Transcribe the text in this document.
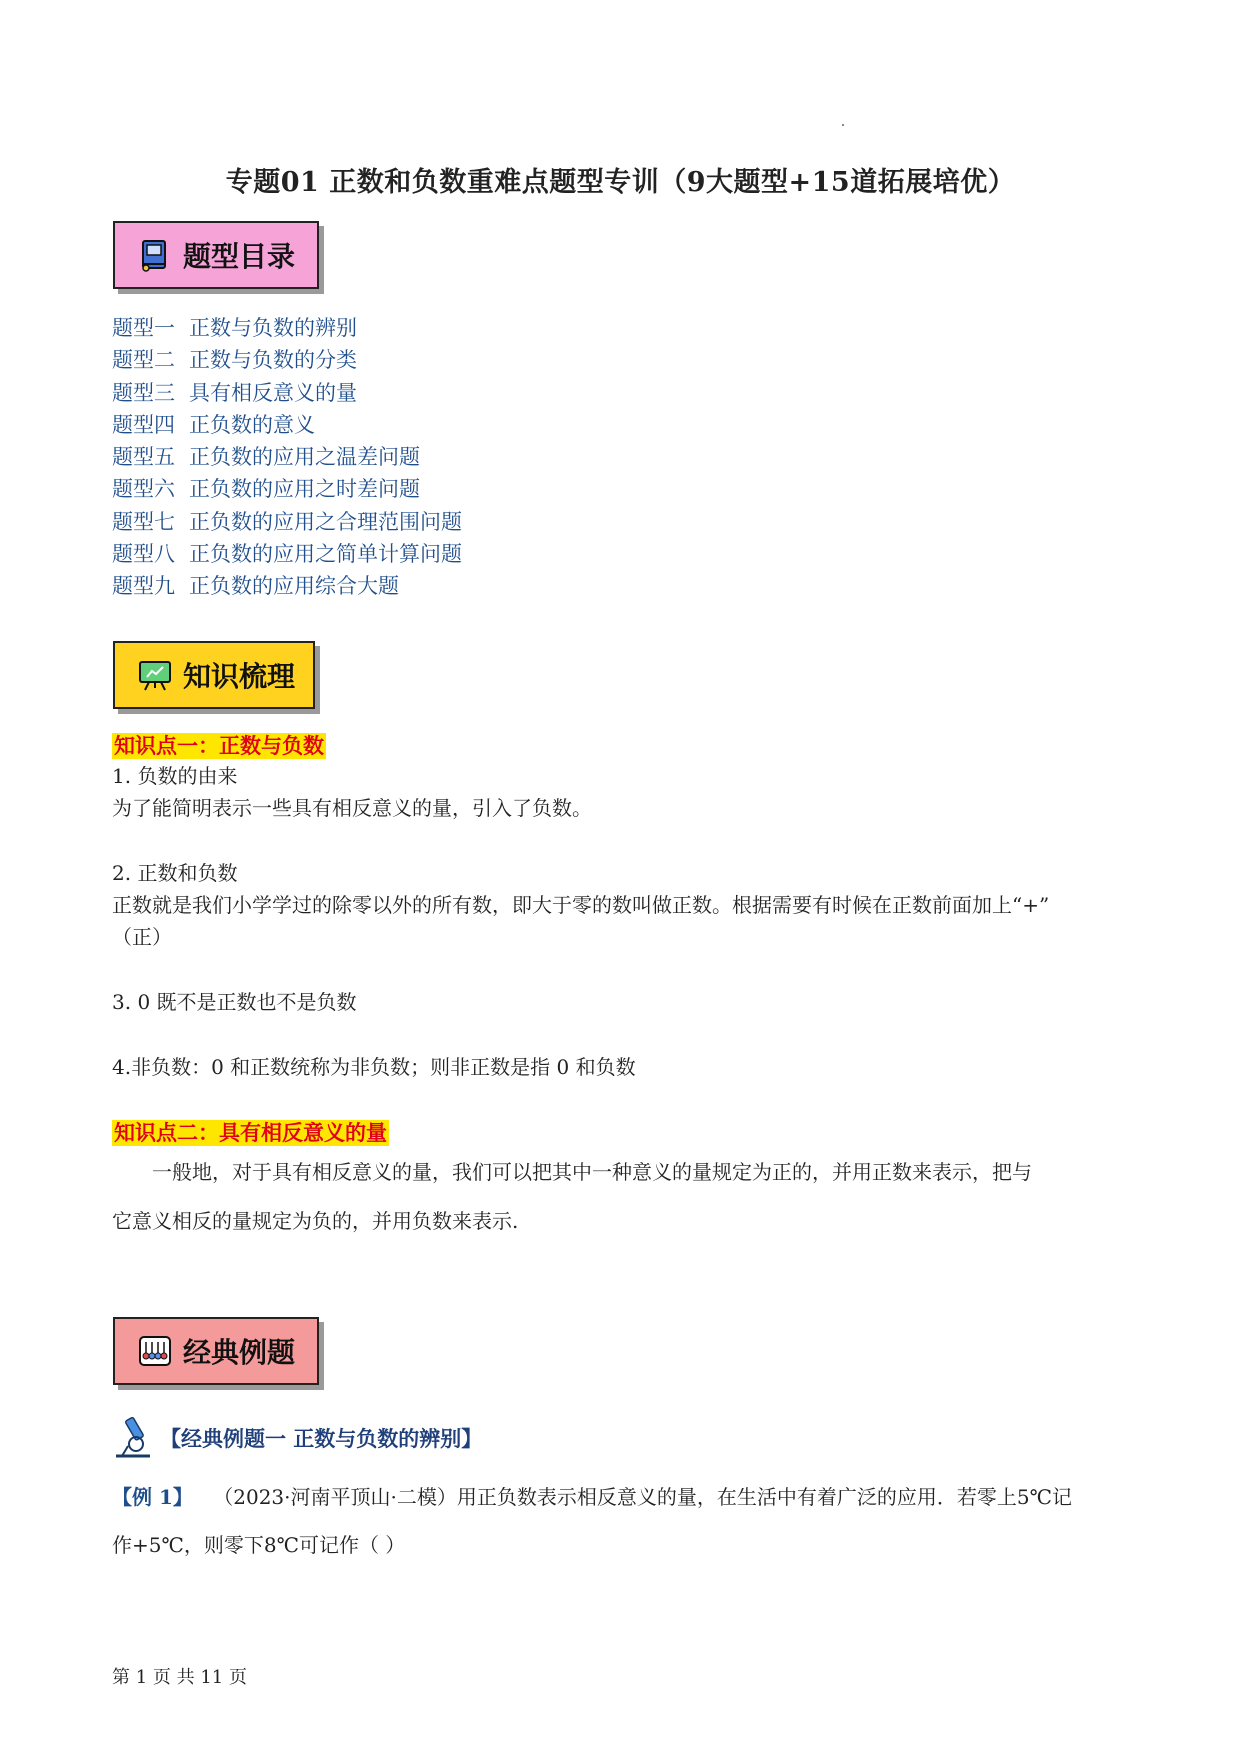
专题01 正数和负数重难点题型专训（9大题型+15道拓展培优）
题型目录
题型一 正数与负数的辨别
题型二 正数与负数的分类
题型三 具有相反意义的量
题型四 正负数的意义
题型五 正负数的应用之温差问题
题型六 正负数的应用之时差问题
题型七 正负数的应用之合理范围问题
题型八 正负数的应用之简单计算问题
题型九 正负数的应用综合大题
知识梳理
知识点一：正数与负数
1. 负数的由来
为了能简明表示一些具有相反意义的量，引入了负数。
2. 正数和负数
正数就是我们小学学过的除零以外的所有数，即大于零的数叫做正数。根据需要有时候在正数前面加上“+”
（正）
3. 0 既不是正数也不是负数
4.非负数：0 和正数统称为非负数；则非正数是指 0 和负数
知识点二：具有相反意义的量
一般地，对于具有相反意义的量，我们可以把其中一种意义的量规定为正的，并用正数来表示，把与
它意义相反的量规定为负的，并用负数来表示.
经典例题
【经典例题一 正数与负数的辨别】
【例 1】 （2023·河南平顶山·二模）用正负数表示相反意义的量，在生活中有着广泛的应用．若零上5℃记
作+5℃，则零下8℃可记作（ ）
第 1 页 共 11 页
